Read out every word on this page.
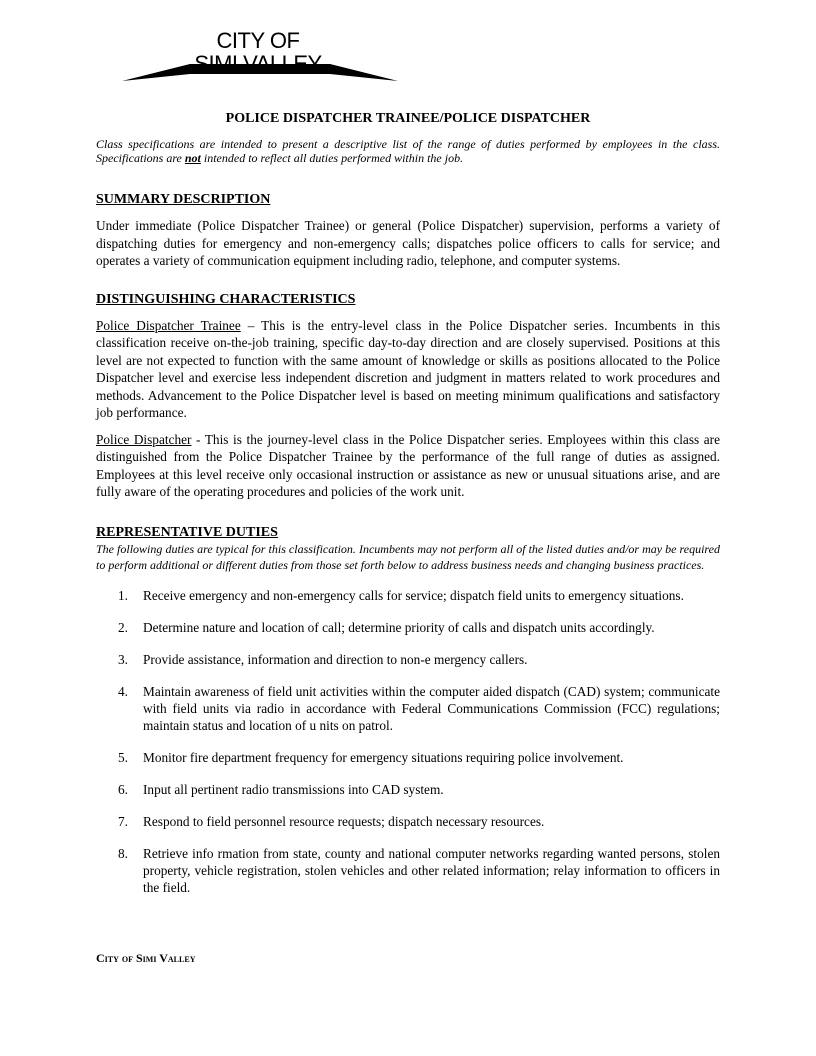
CITY OF
SIMI VALLEY
POLICE DISPATCHER TRAINEE/POLICE DISPATCHER
Class specifications are intended to present a descriptive list of the range of duties performed by employees in the class. Specifications are not intended to reflect all duties performed within the job.
SUMMARY DESCRIPTION

Under immediate (Police Dispatcher Trainee) or general (Police Dispatcher) supervision, performs a variety of dispatching duties for emergency and non-emergency calls; dispatches police officers to calls for service; and operates a variety of communication equipment including radio, telephone, and computer systems.

DISTINGUISHING CHARACTERISTICS

Police Dispatcher Trainee – This is the entry-level class in the Police Dispatcher series. Incumbents in this classification receive on-the-job training, specific day-to-day direction and are closely supervised. Positions at this level are not expected to function with the same amount of knowledge or skills as positions allocated to the Police Dispatcher level and exercise less independent discretion and judgment in matters related to work procedures and methods. Advancement to the Police Dispatcher level is based on meeting minimum qualifications and satisfactory job performance.

Police Dispatcher - This is the journey-level class in the Police Dispatcher series. Employees within this class are distinguished from the Police Dispatcher Trainee by the performance of the full range of duties as assigned. Employees at this level receive only occasional instruction or assistance as new or unusual situations arise, and are fully aware of the operating procedures and policies of the work unit.

REPRESENTATIVE DUTIES
The following duties are typical for this classification. Incumbents may not perform all of the listed duties and/or may be required to perform additional or different duties from those set forth below to address business needs and changing business practices.
1. Receive emergency and non-emergency calls for service; dispatch field units to emergency situations.
2. Determine nature and location of call; determine priority of calls and dispatch units accordingly.
3. Provide assistance, information and direction to non-e mergency callers.
4. Maintain awareness of field unit activities within the computer aided dispatch (CAD) system; communicate with field units via radio in accordance with Federal Communications Commission (FCC) regulations; maintain status and location of u nits on patrol.
5. Monitor fire department frequency for emergency situations requiring police involvement.
6. Input all pertinent radio transmissions into CAD system.
7. Respond to field personnel resource requests; dispatch necessary resources.
8. Retrieve info rmation from state, county and national computer networks regarding wanted persons, stolen property, vehicle registration, stolen vehicles and other related information; relay information to officers in the field.
City of Simi Valley
